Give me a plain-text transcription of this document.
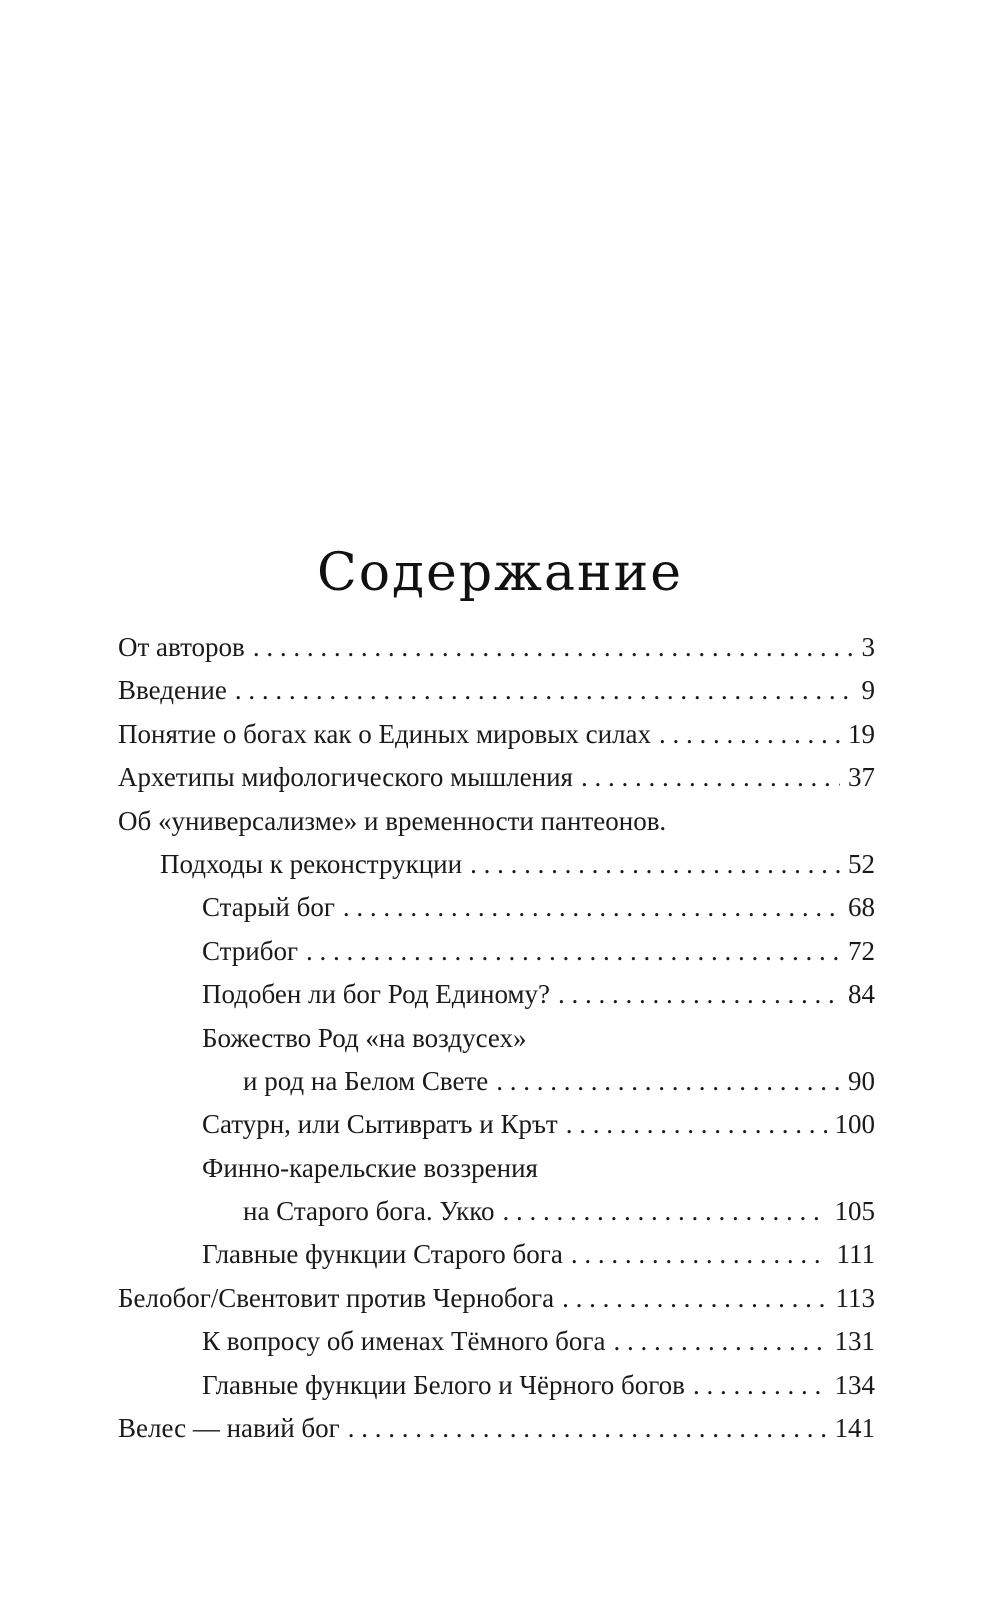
Содержание
От авторов . . .	3
Введение . . .	9
Понятие о богах как о Единых мировых силах . . .	19
Архетипы мифологического мышления . . .	37
Об «универсализме» и временности пантеонов.
Подходы к реконструкции . . .	52
Старый бог . . .	68
Стрибог . . .	72
Подобен ли бог Род Единому? . . .	84
Божество Род «на воздусех»
и род на Белом Свете . . .	90
Сатурн, или Сытивратъ и Крът . . .	100
Финно-карельские воззрения
на Старого бога. Укко . . .	105
Главные функции Старого бога . . .	111
Белобог/Свентовит против Чернобога . . .	113
К вопросу об именах Тёмного бога . . .	131
Главные функции Белого и Чёрного богов . . .	134
Велес — навий бог . . .	141
